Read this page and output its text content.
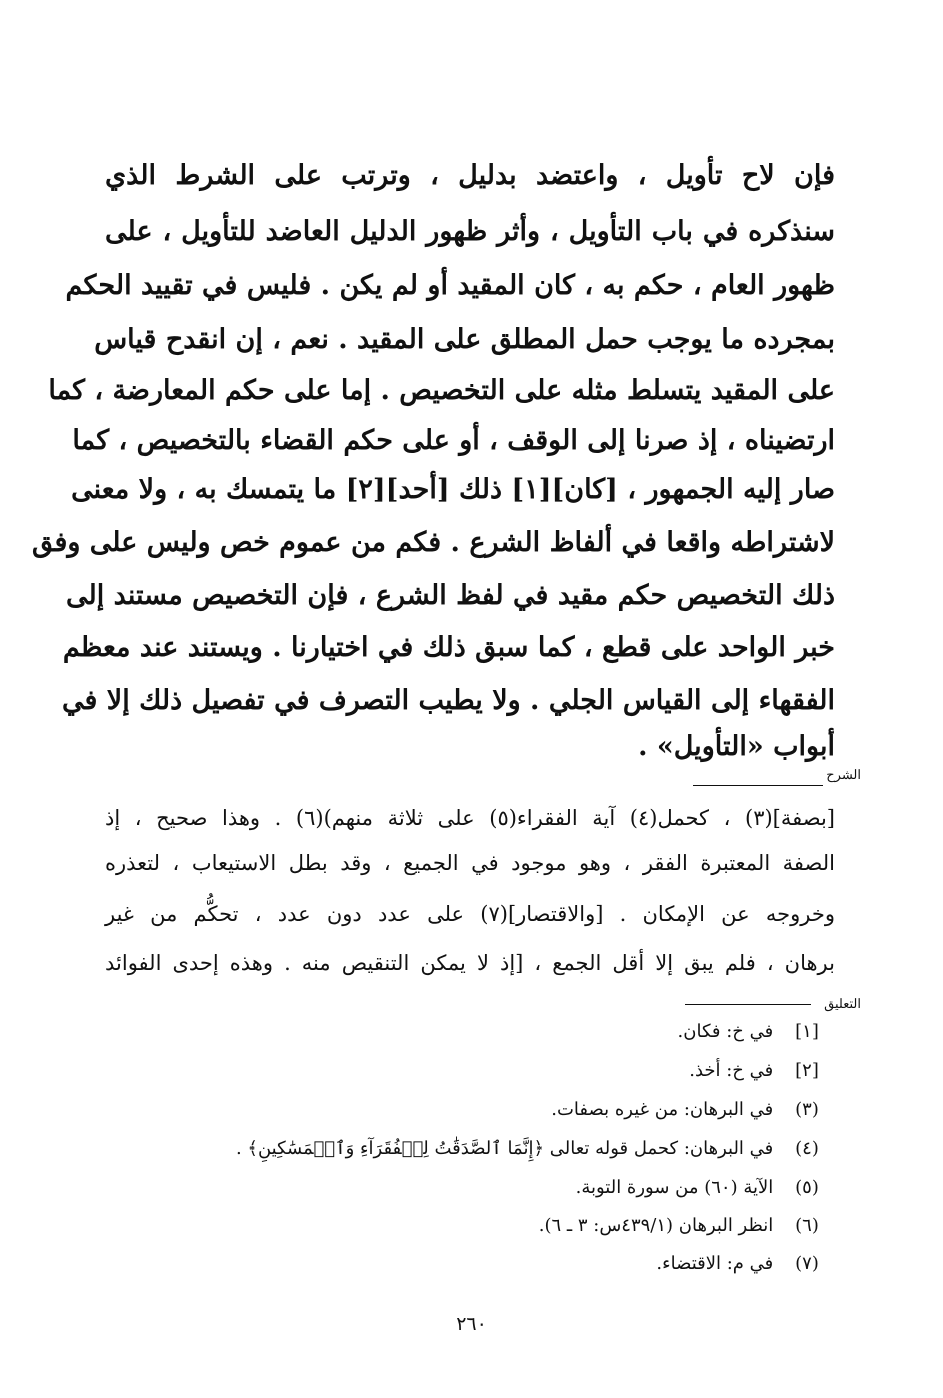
فإن لاح تأويل ، واعتضد بدليل ، وترتب على الشرط الذي
سنذكره في باب التأويل ، وأثر ظهور الدليل العاضد للتأويل ، على
ظهور العام ، حكم به ، كان المقيد أو لم يكن . فليس في تقييد الحكم
بمجرده ما يوجب حمل المطلق على المقيد . نعم ، إن انقدح قياس
على المقيد يتسلط مثله على التخصيص . إما على حكم المعارضة ، كما
ارتضيناه ، إذ صرنا إلى الوقف ، أو على حكم القضاء بالتخصيص ، كما
صار إليه الجمهور ، [كان][١] ذلك [أحد][٢] ما يتمسك به ، ولا معنى
لاشتراطه واقعا في ألفاظ الشرع . فكم من عموم خص وليس على وفق
ذلك التخصيص حكم مقيد في لفظ الشرع ، فإن التخصيص مستند إلى
خبر الواحد على قطع ، كما سبق ذلك في اختيارنا . ويستند عند معظم
الفقهاء إلى القياس الجلي . ولا يطيب التصرف في تفصيل ذلك إلا في
أبواب «التأويل» .
الشرح
[بصفة](٣) ، كحمل(٤) آية الفقراء(٥) على ثلاثة منهم)(٦) . وهذا صحيح ، إذ
الصفة المعتبرة الفقر ، وهو موجود في الجميع ، وقد بطل الاستيعاب ، لتعذره
وخروجه عن الإمكان . [والاقتصار](٧) على عدد دون عدد ، تحكُّم من غير
برهان ، فلم يبق إلا أقل الجمع ، [إذ لا يمكن التنقيص منه . وهذه إحدى الفوائد
التعليق
[١] في خ: فكان.
[٢] في خ: أخذ.
(٣) في البرهان: من غيره بصفات.
(٤) في البرهان: كحمل قوله تعالى ﴿إِنَّمَا ٱلصَّدَقَٰتُ لِلۡفُقَرَآءِ وَٱلۡمَسَٰكِينِ﴾ .
(٥) الآية (٦٠) من سورة التوبة.
(٦) انظر البرهان (٤٣٩/١س: ٣ ـ ٦).
(٧) في م: الاقتضاء.
٢٦٠
